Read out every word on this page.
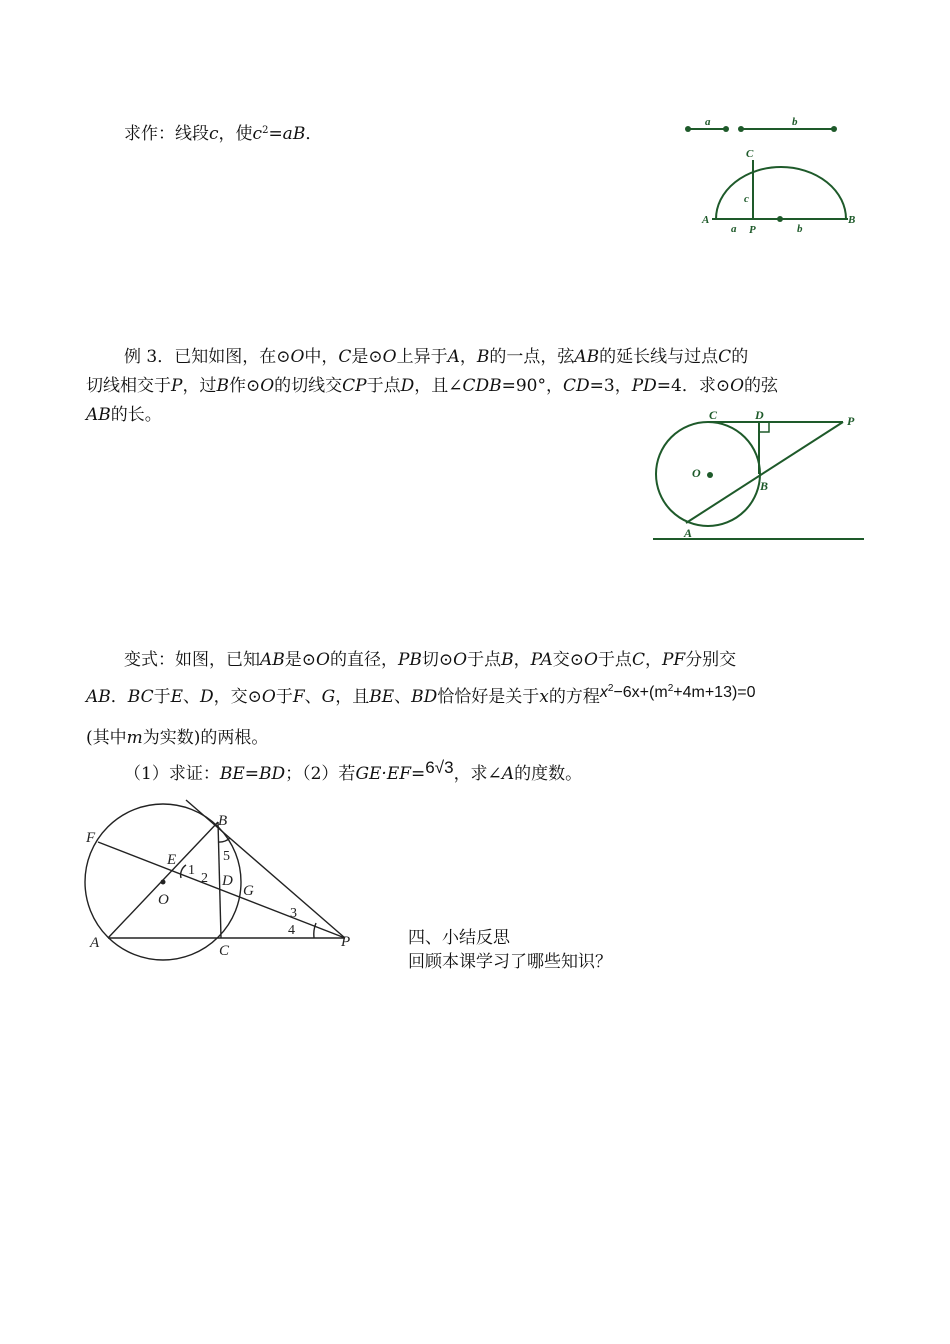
求作：线段c，使$c^2=aB$．
a	b
C
c
A
a P	b
B
例 3．已知如图，在⊙O中，C是⊙O上异于A，B的一点，弦AB的延长线与过点C的
切线相交于P，过B作⊙O的切线交CP于点D，且∠CDB=90°，CD=3，PD=4．求⊙O的弦
AB的长。	C	D	P
O
B
A
变式：如图，已知AB是⊙O的直径，PB切⊙O于点B，PA交⊙O于点C，PF分别交
AB．BC于E、D，交⊙O于F、G，且BE、BD恰恰好是关于x的方程$x^2-6x+(m^2+4m+13)=0$
(其中m为实数)的两根。
（1）求证：BE=BD；（2）若GE·EF=6√3，求∠A的度数。
F
B
E
1
5
2 D
G
O
3
4
A	C
P	四、小结反思
回顾本课学习了哪些知识？
